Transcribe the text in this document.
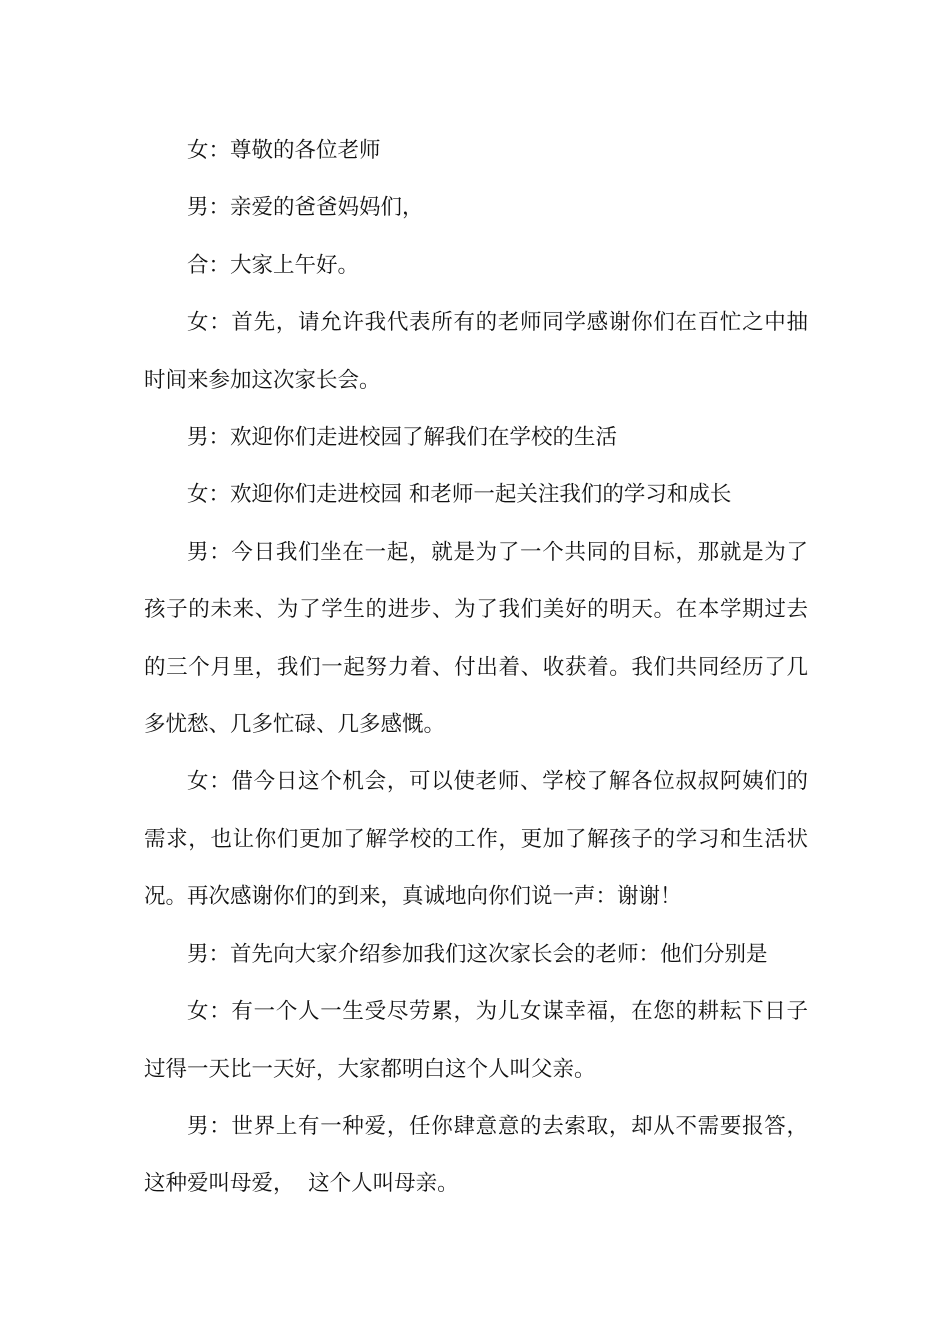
女：尊敬的各位老师

男：亲爱的爸爸妈妈们，

合：大家上午好。

女：首先，请允许我代表所有的老师同学感谢你们在百忙之中抽时间来参加这次家长会。

男：欢迎你们走进校园了解我们在学校的生活

女：欢迎你们走进校园 和老师一起关注我们的学习和成长

男：今日我们坐在一起，就是为了一个共同的目标，那就是为了孩子的未来、为了学生的进步、为了我们美好的明天。在本学期过去的三个月里，我们一起努力着、付出着、收获着。我们共同经历了几多忧愁、几多忙碌、几多感慨。

女：借今日这个机会，可以使老师、学校了解各位叔叔阿姨们的需求，也让你们更加了解学校的工作，更加了解孩子的学习和生活状况。再次感谢你们的到来，真诚地向你们说一声：谢谢！

男：首先向大家介绍参加我们这次家长会的老师：他们分别是

女：有一个人一生受尽劳累，为儿女谋幸福，在您的耕耘下日子过得一天比一天好，大家都明白这个人叫父亲。

男：世界上有一种爱，任你肆意意的去索取，却从不需要报答，这种爱叫母爱，  这个人叫母亲。
